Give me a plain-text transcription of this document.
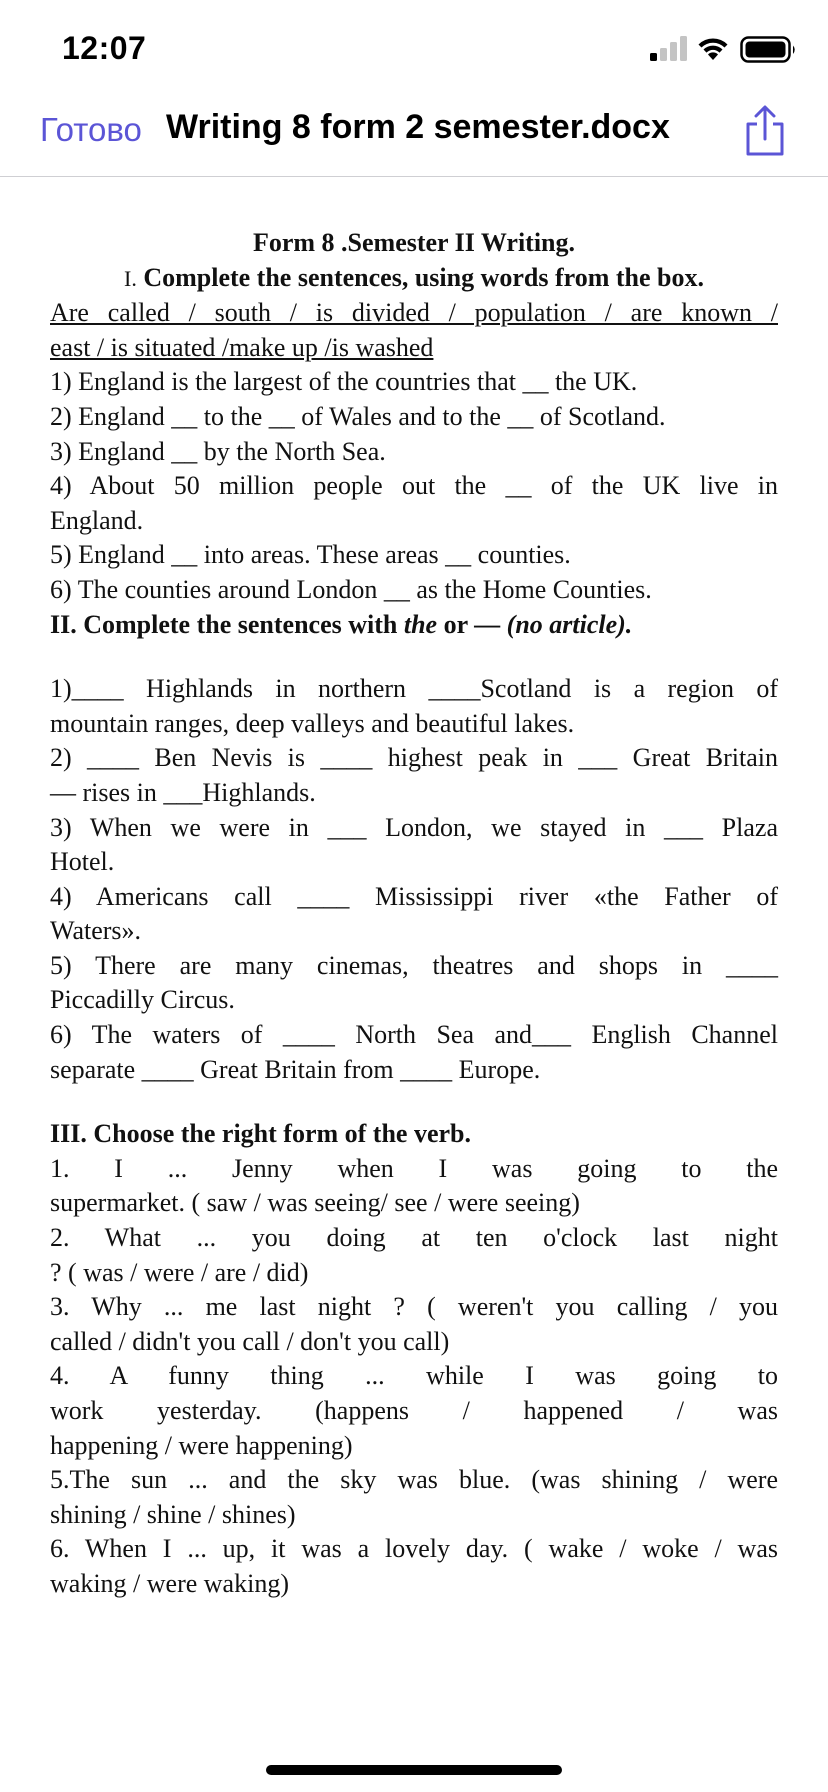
12:07
Готово Writing 8 form 2 semester.docx

Form 8 .Semester II Writing.

I. Complete the sentences, using words from the box.

Are called / south / is divided / population / are known /

east / is situated /make up /is washed

1) England is the largest of the countries that __ the UK.

2) England __ to the __ of Wales and to the __ of Scotland.

3) England __ by the North Sea.

4) About 50 million people out the __ of the UK live in

England.

5) England __ into areas. These areas __ counties.

6) The counties around London __ as the Home Counties.

II. Complete the sentences with the or — (no article).

1)____ Highlands in northern ____Scotland is a region of

mountain ranges, deep valleys and beautiful lakes.

2) ____ Ben Nevis is ____ highest peak in ___ Great Britain

— rises in ___Highlands.

3) When we were in ___ London, we stayed in ___ Plaza

Hotel.

4) Americans call ____ Mississippi river «the Father of

Waters».

5) There are many cinemas, theatres and shops in ____

Piccadilly Circus.

6) The waters of ____ North Sea and___ English Channel

separate ____ Great Britain from ____ Europe.

III. Choose the right form of the verb.

1. I ... Jenny when I was going to the

supermarket. ( saw / was seeing/ see / were seeing)

2. What ... you doing at ten o'clock last night

? ( was / were / are / did)

3. Why ... me last night ? ( weren't you calling / you

called / didn't you call / don't you call)

4. A funny thing ... while I was going to

work yesterday. (happens / happened / was

happening / were happening)

5.The sun ... and the sky was blue. (was shining / were

shining / shine / shines)

6. When I ... up, it was a lovely day. ( wake / woke / was

waking / were waking)
